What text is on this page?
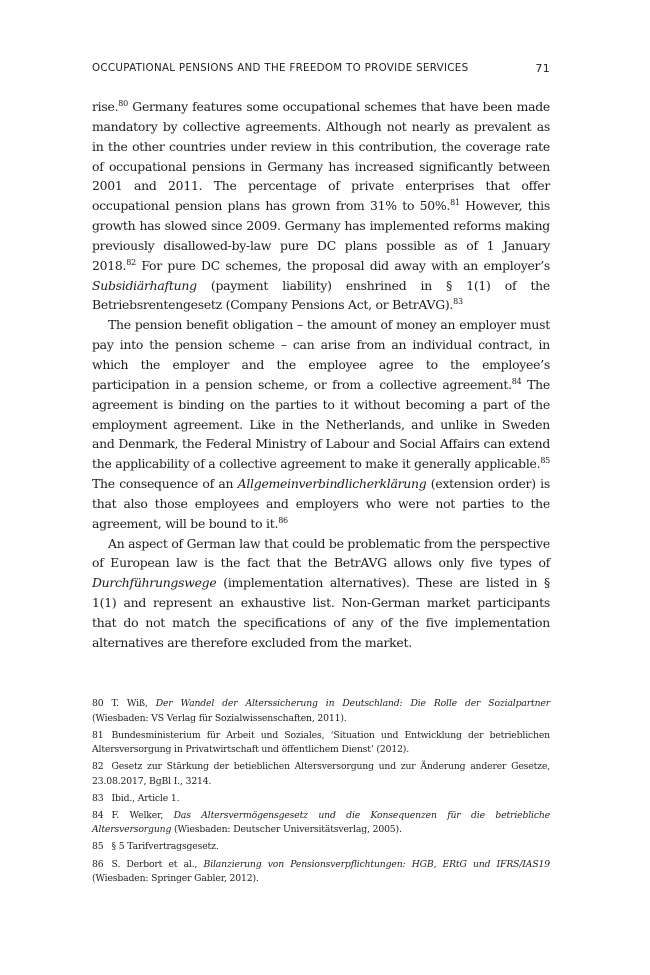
OCCUPATIONAL PENSIONS AND THE FREEDOM TO PROVIDE SERVICES	71

rise.$^{80}$ Germany features some occupational schemes that have been made mandatory by collective agreements. Although not nearly as prevalent as in the other countries under review in this contribution, the coverage rate of occupational pensions in Germany has increased significantly between 2001 and 2011. The percentage of private enterprises that offer occupational pension plans has grown from 31% to 50%.$^{81}$ However, this growth has slowed since 2009. Germany has implemented reforms making previously disallowed-by-law pure DC plans possible as of 1 January 2018.82 For pure DC schemes, the proposal did away with an employer’s Subsidiärhaftung (payment liability) enshrined in § 1(1) of the Betriebsrentengesetz (Company Pensions Act, or BetrAVG).$^{83}$

The pension benefit obligation – the amount of money an employer must pay into the pension scheme – can arise from an individual contract, in which the employer and the employee agree to the employee’s participation in a pension scheme, or from a collective agreement.$^{84}$ The agreement is binding on the parties to it without becoming a part of the employment agreement. Like in the Netherlands, and unlike in Sweden and Denmark, the Federal Ministry of Labour and Social Affairs can extend the applicability of a collective agreement to make it generally applicable.$^{85}$ The consequence of an Allgemeinverbindlicherklärung (extension order) is that also those employees and employers who were not parties to the agreement, will be bound to it.$^{86}$

An aspect of German law that could be problematic from the perspective of European law is the fact that the BetrAVG allows only five types of Durchführungswege (implementation alternatives). These are listed in § 1(1) and represent an exhaustive list. Non-German market participants that do not match the specifications of any of the five implementation alternatives are therefore excluded from the market.

80 T. Wiß, Der Wandel der Alterssicherung in Deutschland: Die Rolle der Sozialpartner (Wiesbaden: VS Verlag für Sozialwissenschaften, 2011).

81 Bundesministerium für Arbeit und Soziales, ‘Situation und Entwicklung der betrieblichen Altersversorgung in Privatwirtschaft und öffentlichem Dienst’ (2012).

82 Gesetz zur Stärkung der betieblichen Altersversorgung und zur Änderung anderer Gesetze, 23.08.2017, BgBl I., 3214.

83 Ibid., Article 1.

84 F. Welker, Das Altersvermögensgesetz und die Konsequenzen für die betriebliche Altersversorgung (Wiesbaden: Deutscher Universitätsverlag, 2005).

85 § 5 Tarifvertragsgesetz.

86 S. Derbort et al., Bilanzierung von Pensionsverpflichtungen: HGB, ERtG und IFRS/IAS19 (Wiesbaden: Springer Gabler, 2012).
